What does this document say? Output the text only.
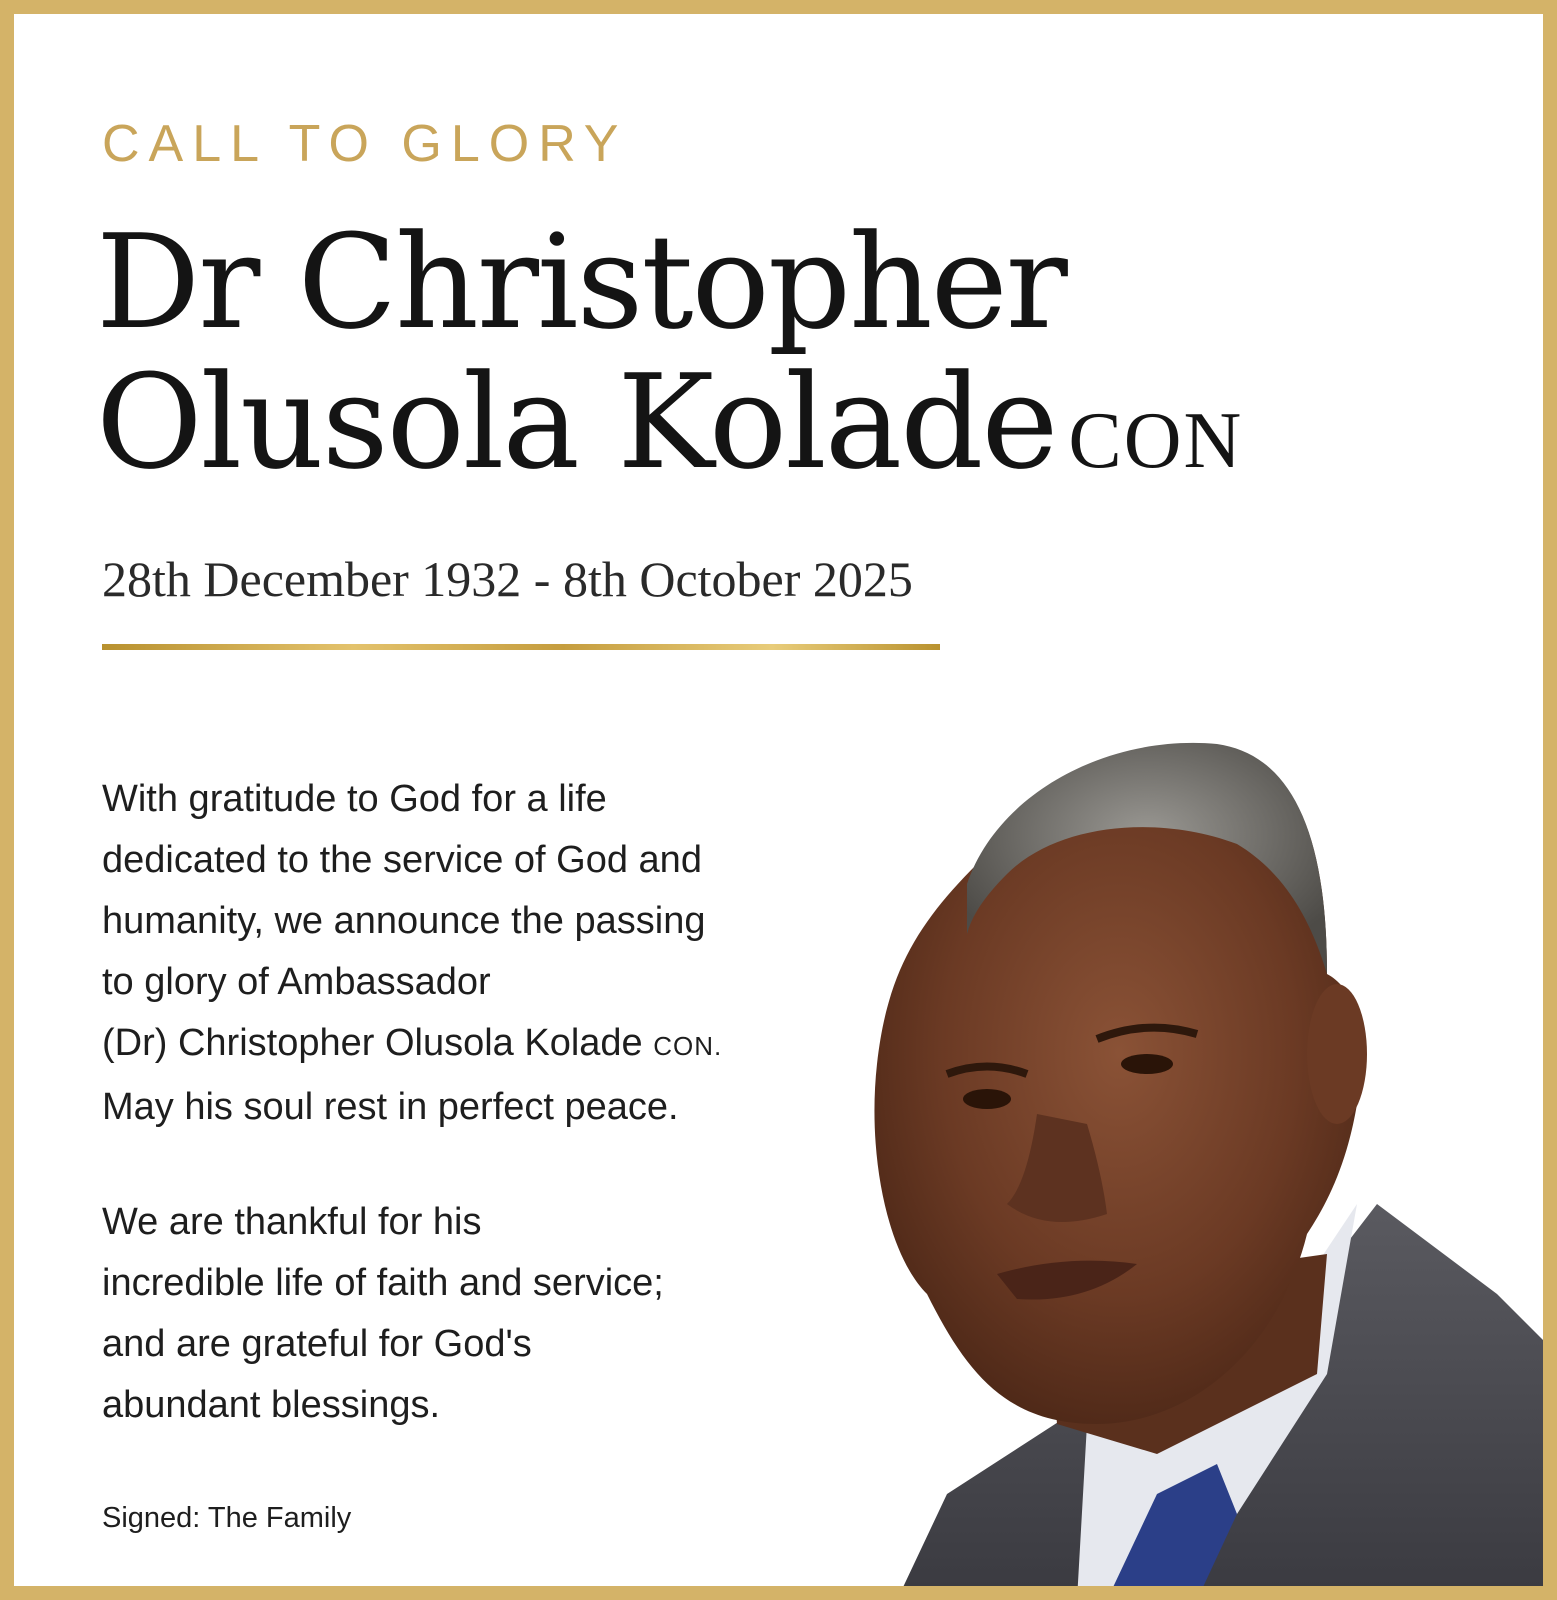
CALL TO GLORY
Dr Christopher
Olusola Kolade CON
28th December 1932 - 8th October 2025
With gratitude to God for a life
dedicated to the service of God and
humanity, we announce the passing
to glory of Ambassador
(Dr) Christopher Olusola Kolade CON.
May his soul rest in perfect peace.
We are thankful for his
incredible life of faith and service;
and are grateful for God's
abundant blessings.
Signed: The Family
